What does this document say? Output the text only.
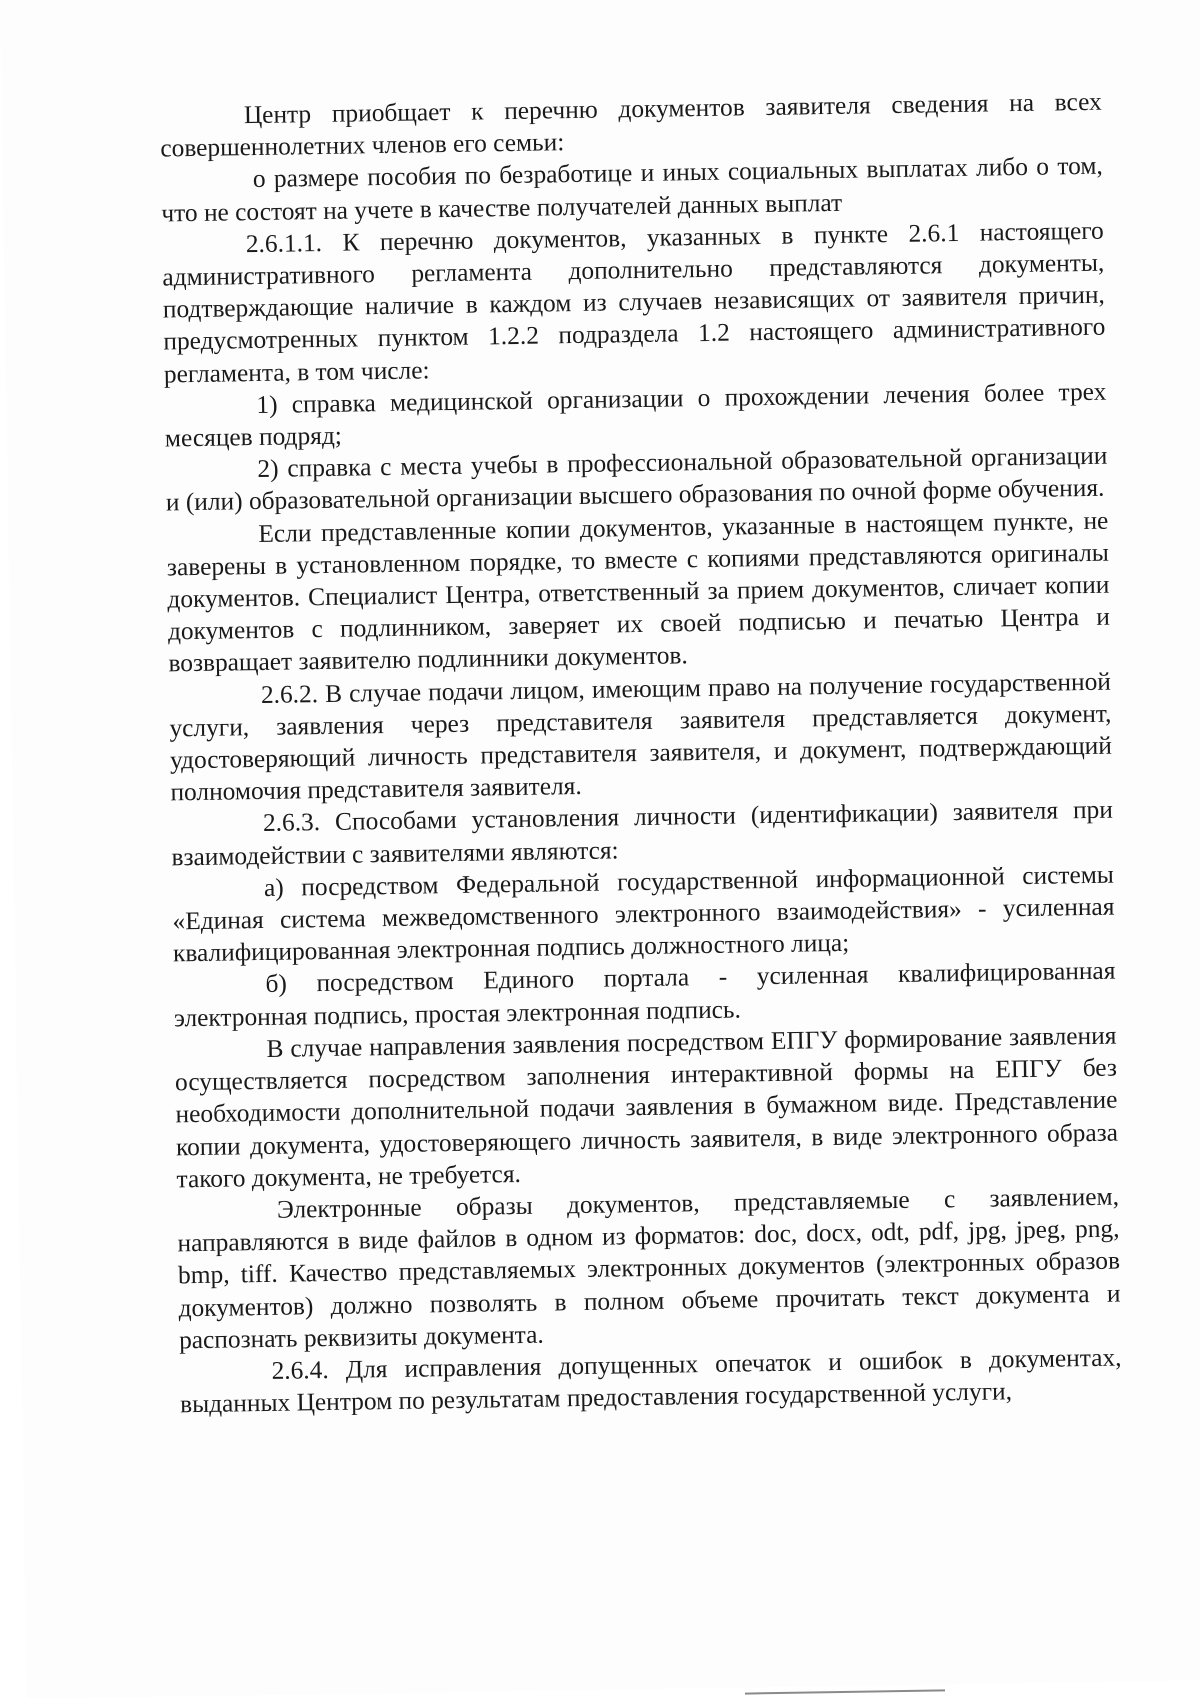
Центр приобщает к перечню документов заявителя сведения на всех совершеннолетних членов его семьи:

о размере пособия по безработице и иных социальных выплатах либо о том, что не состоят на учете в качестве получателей данных выплат

2.6.1.1. К перечню документов, указанных в пункте 2.6.1 настоящего административного регламента дополнительно представляются документы, подтверждающие наличие в каждом из случаев независящих от заявителя причин, предусмотренных пунктом 1.2.2 подраздела 1.2 настоящего административного регламента, в том числе:

1) справка медицинской организации о прохождении лечения более трех месяцев подряд;

2) справка с места учебы в профессиональной образовательной организации и (или) образовательной организации высшего образования по очной форме обучения.

Если представленные копии документов, указанные в настоящем пункте, не заверены в установленном порядке, то вместе с копиями представляются оригиналы документов. Специалист Центра, ответственный за прием документов, сличает копии документов с подлинником, заверяет их своей подписью и печатью Центра и возвращает заявителю подлинники документов.

2.6.2. В случае подачи лицом, имеющим право на получение государственной услуги, заявления через представителя заявителя представляется документ, удостоверяющий личность представителя заявителя, и документ, подтверждающий полномочия представителя заявителя.

2.6.3. Способами установления личности (идентификации) заявителя при взаимодействии с заявителями являются:

а) посредством Федеральной государственной информационной системы «Единая система межведомственного электронного взаимодействия» - усиленная квалифицированная электронная подпись должностного лица;

б) посредством Единого портала - усиленная квалифицированная электронная подпись, простая электронная подпись.

В случае направления заявления посредством ЕПГУ формирование заявления осуществляется посредством заполнения интерактивной формы на ЕПГУ без необходимости дополнительной подачи заявления в бумажном виде. Представление копии документа, удостоверяющего личность заявителя, в виде электронного образа такого документа, не требуется.

Электронные образы документов, представляемые с заявлением, направляются в виде файлов в одном из форматов: doc, docx, odt, pdf, jpg, jpeg, png, bmp, tiff. Качество представляемых электронных документов (электронных образов документов) должно позволять в полном объеме прочитать текст документа и распознать реквизиты документа.

2.6.4. Для исправления допущенных опечаток и ошибок в документах, выданных Центром по результатам предоставления государственной услуги,
